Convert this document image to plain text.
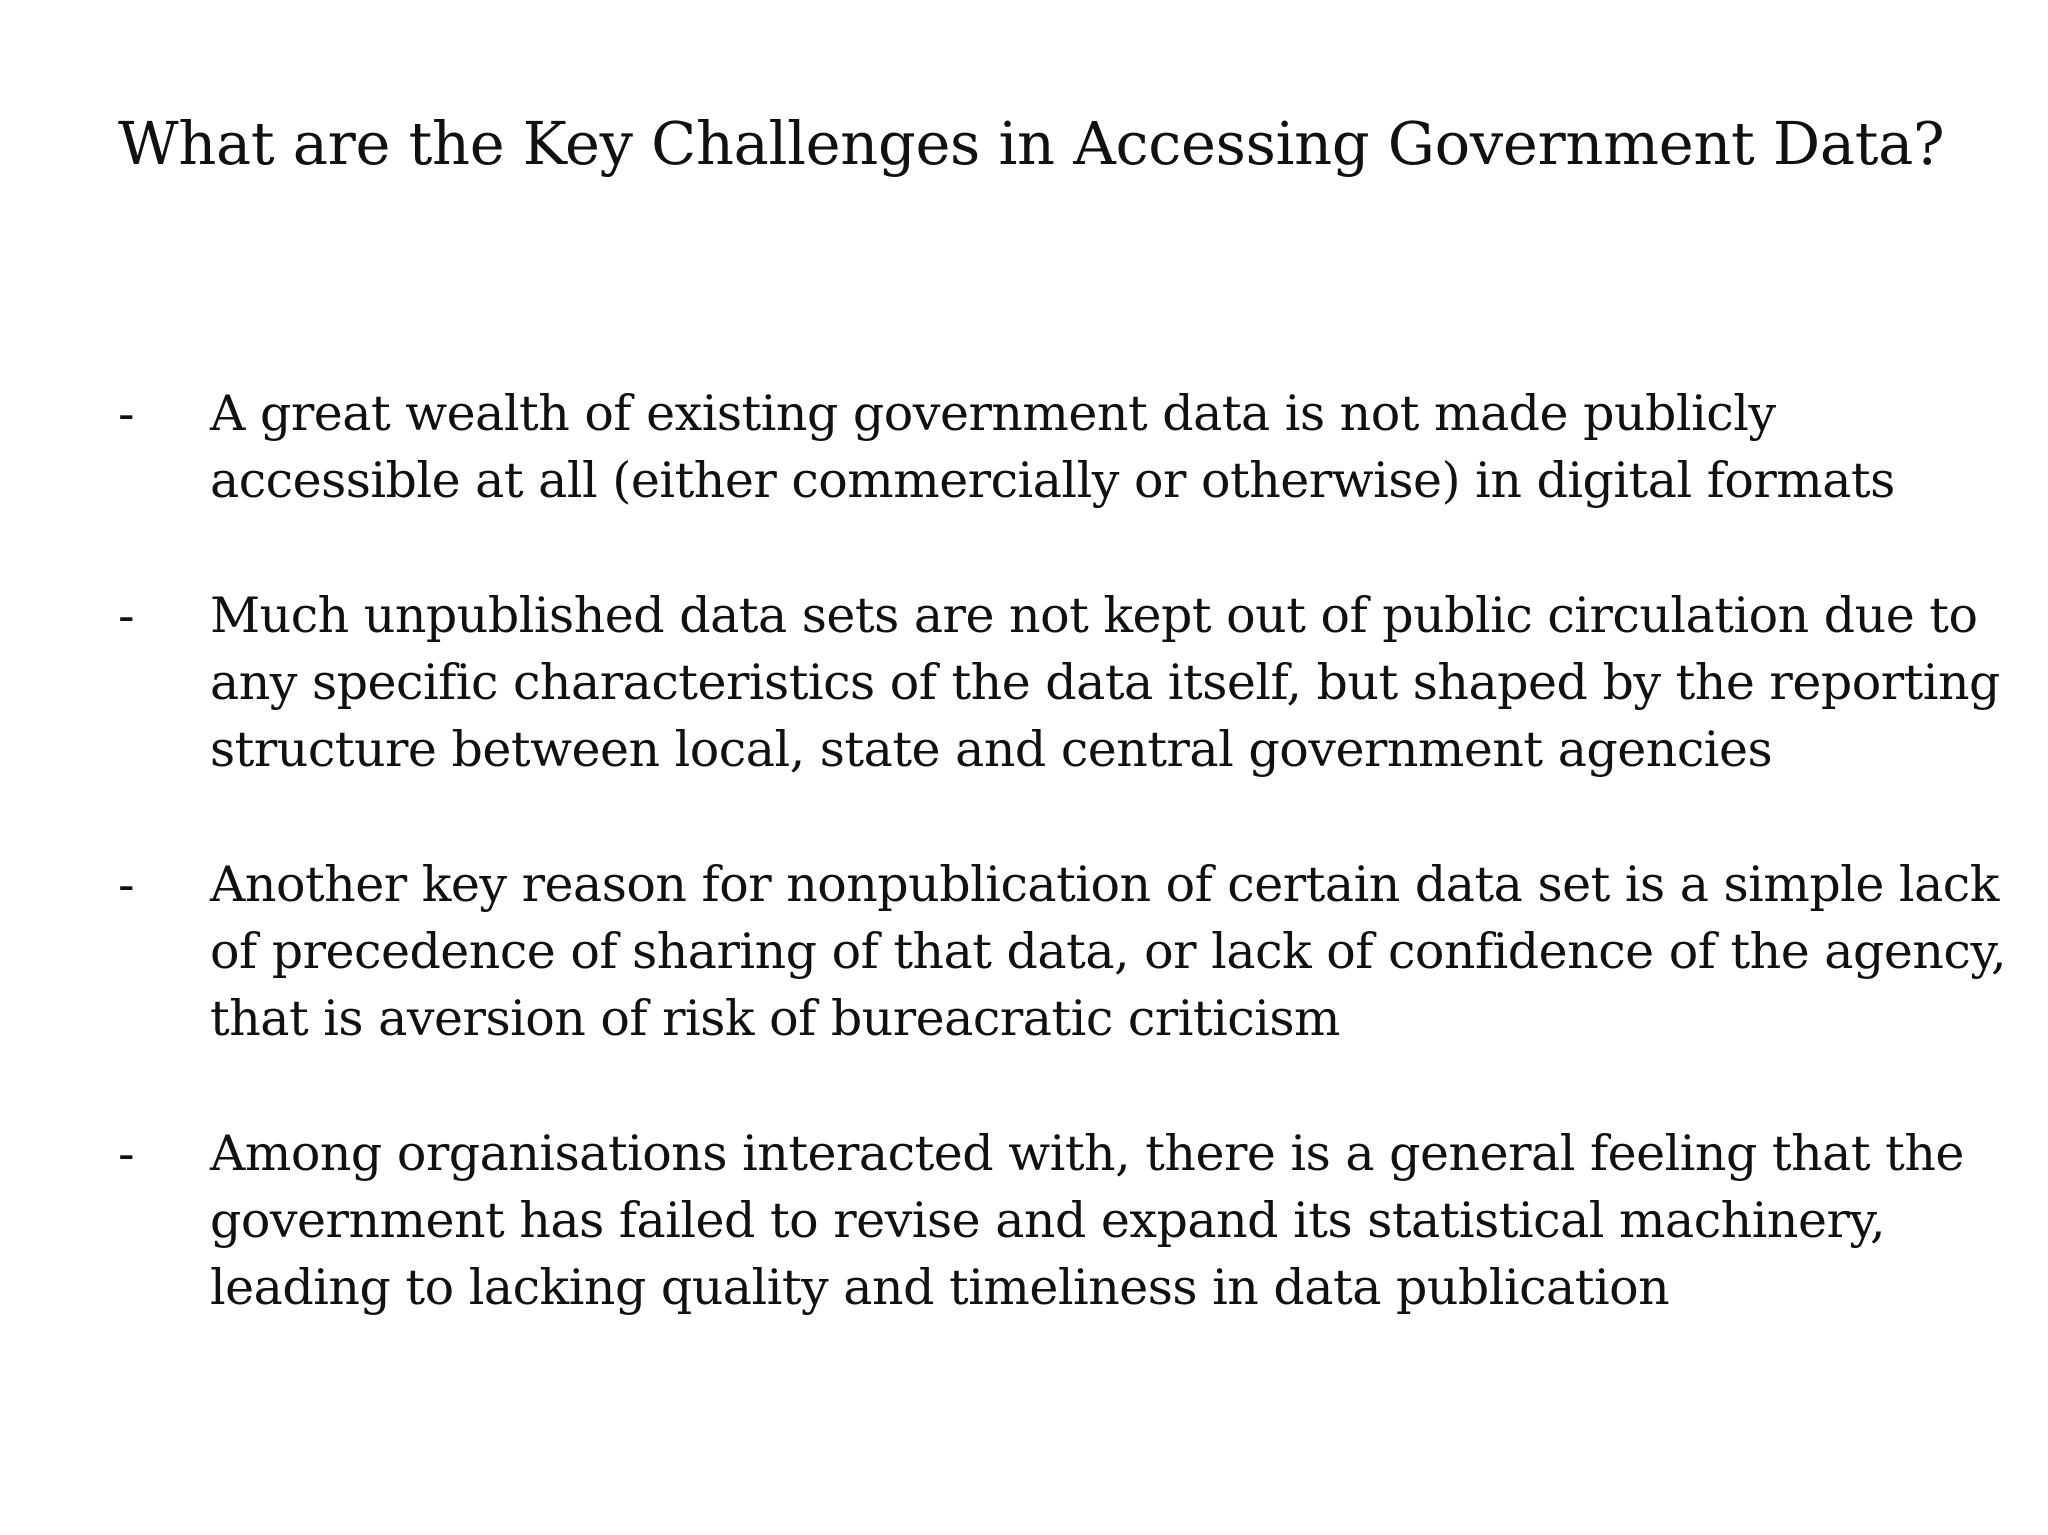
What are the Key Challenges in Accessing Government Data?
- A great wealth of existing government data is not made publicly
accessible at all (either commercially or otherwise) in digital formats
- Much unpublished data sets are not kept out of public circulation due to
any specific characteristics of the data itself, but shaped by the reporting
structure between local, state and central government agencies
- Another key reason for nonpublication of certain data set is a simple lack
of precedence of sharing of that data, or lack of confidence of the agency,
that is aversion of risk of bureacratic criticism
- Among organisations interacted with, there is a general feeling that the
government has failed to revise and expand its statistical machinery,
leading to lacking quality and timeliness in data publication
